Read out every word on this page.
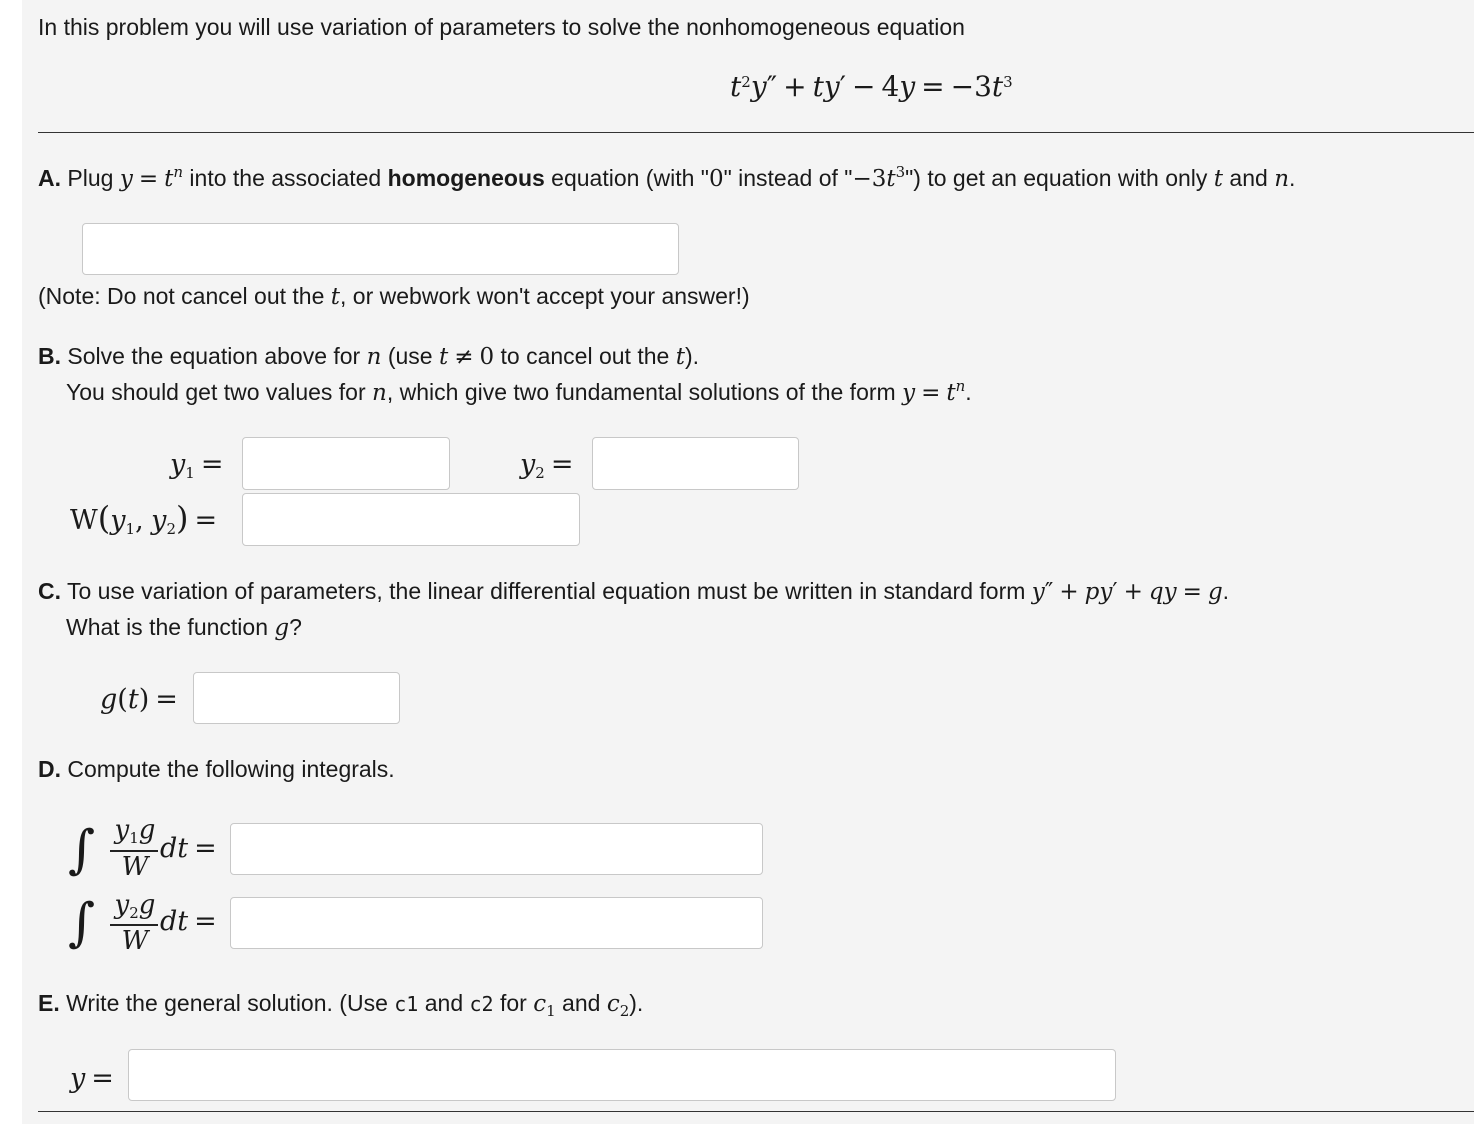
In this problem you will use variation of parameters to solve the nonhomogeneous equation
$t^2y'' + ty' - 4y = -3t^3$
A. Plug $y = t^n$ into the associated homogeneous equation (with "0" instead of "$-3t^3$") to get an equation with only t and n.
(Note: Do not cancel out the t, or webwork won't accept your answer!)
B. Solve the equation above for n (use t ≠ 0 to cancel out the t).
You should get two values for n, which give two fundamental solutions of the form $y = t^n$.
$y_1$ =	$y_2$ =
$W(y_1$, $y_2$) =
C. To use variation of parameters, the linear differential equation must be written in standard form y″ + py′ + qy = g.
What is the function g?
g(t) =
D. Compute the following integrals.
∫ $y_1g$
W
dt =
∫ $y_2g$
W
dt =
E. Write the general solution. (Use c1 and c2 for $c_1$ and $c_2$).
y =
